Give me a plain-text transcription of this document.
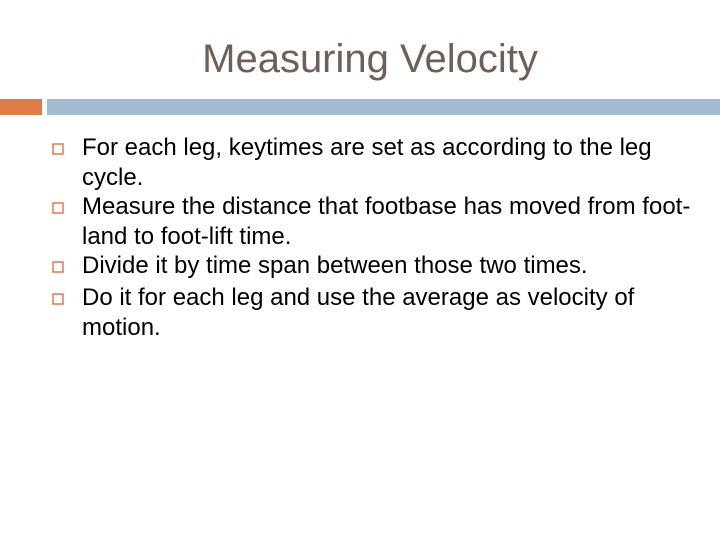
Measuring Velocity
For each leg, keytimes are set as according to the leg cycle.
Measure the distance that footbase has moved from foot-land to foot-lift time.
Divide it by time span between those two times.
Do it for each leg and use the average as velocity of motion.
